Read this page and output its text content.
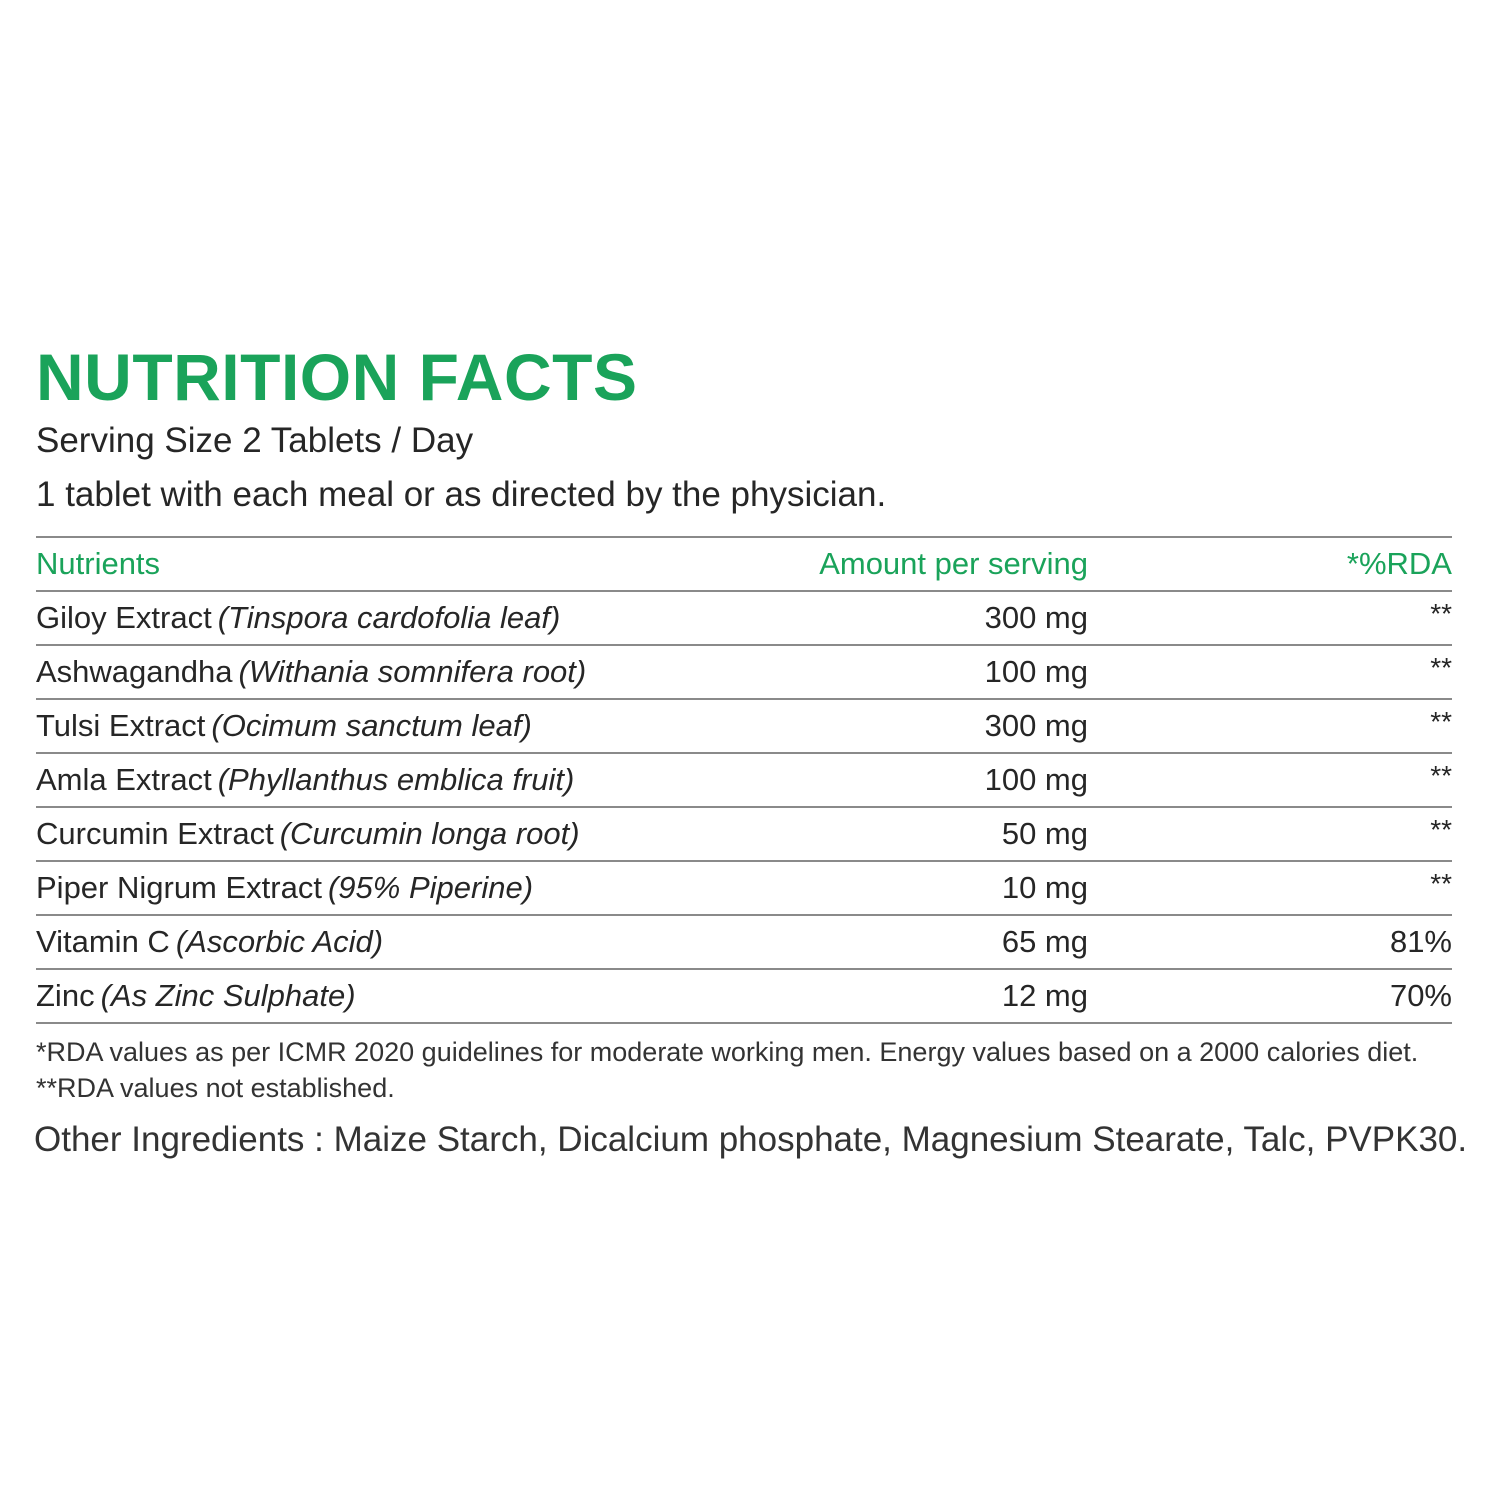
NUTRITION FACTS
Serving Size 2 Tablets / Day
1 tablet with each meal or as directed by the physician.
Nutrients	Amount per serving	*%RDA
Giloy Extract (Tinspora cardofolia leaf)	300 mg	**
Ashwagandha (Withania somnifera root)	100 mg	**
Tulsi Extract (Ocimum sanctum leaf)	300 mg	**
Amla Extract (Phyllanthus emblica fruit)	100 mg	**
Curcumin Extract (Curcumin longa root)	50 mg	**
Piper Nigrum Extract (95% Piperine)	10 mg	**
Vitamin C (Ascorbic Acid)	65 mg	81%
Zinc (As Zinc Sulphate)	12 mg	70%
*RDA values as per ICMR 2020 guidelines for moderate working men. Energy values based on a 2000 calories diet.
**RDA values not established.
Other Ingredients : Maize Starch, Dicalcium phosphate, Magnesium Stearate, Talc, PVPK30.
